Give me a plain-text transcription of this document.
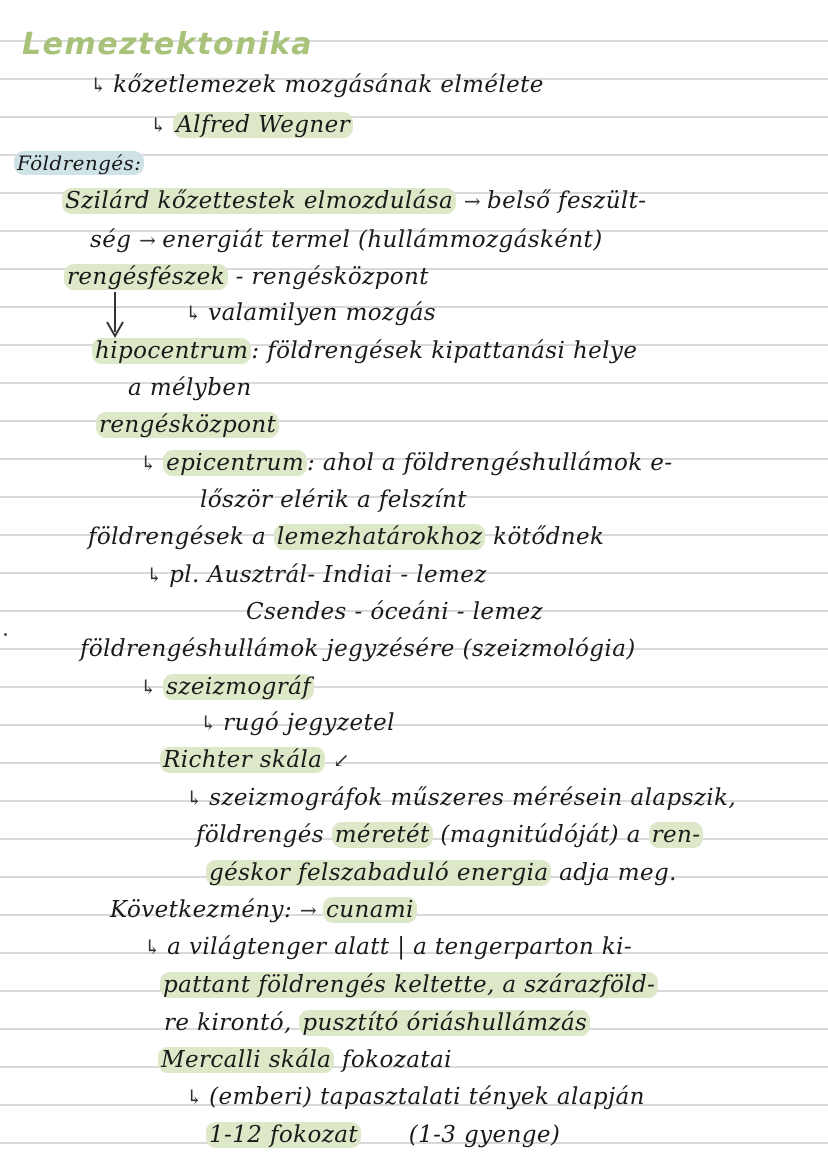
Lemeztektonika
↳ kőzetlemezek mozgásának elmélete
↳ Alfred Wegner
Földrengés:
Szilárd kőzettestek elmozdulása → belső feszült-
ség → energiát termel (hullámmozgásként)
rengésfészek - rengésközpont
↳ valamilyen mozgás
hipocentrum : földrengések kipattanási helye
a mélyben
rengésközpont
↳ epicentrum : ahol a földrengéshullámok e-
lőször elérik a felszínt
földrengések a lemezhatárokhoz kötődnek
↳ pl. Ausztrál- Indiai - lemez
Csendes - óceáni - lemez
földrengéshullámok jegyzésére (szeizmológia)
↳ szeizmográf
↳ rugó jegyzetel
Richter skála ↙
↳ szeizmográfok műszeres mérésein alapszik,
földrengés méretét (magnitúdóját) a ren-
géskor felszabaduló energia adja meg.
Következmény: → cunami
↳ a világtenger alatt | a tengerparton ki-
pattant földrengés keltette, a szárazföld-
re kirontó, pusztító óriáshullámzás
Mercalli skála fokozatai
↳ (emberi) tapasztalati tények alapján
1-12 fokozat (1-3 gyenge)
